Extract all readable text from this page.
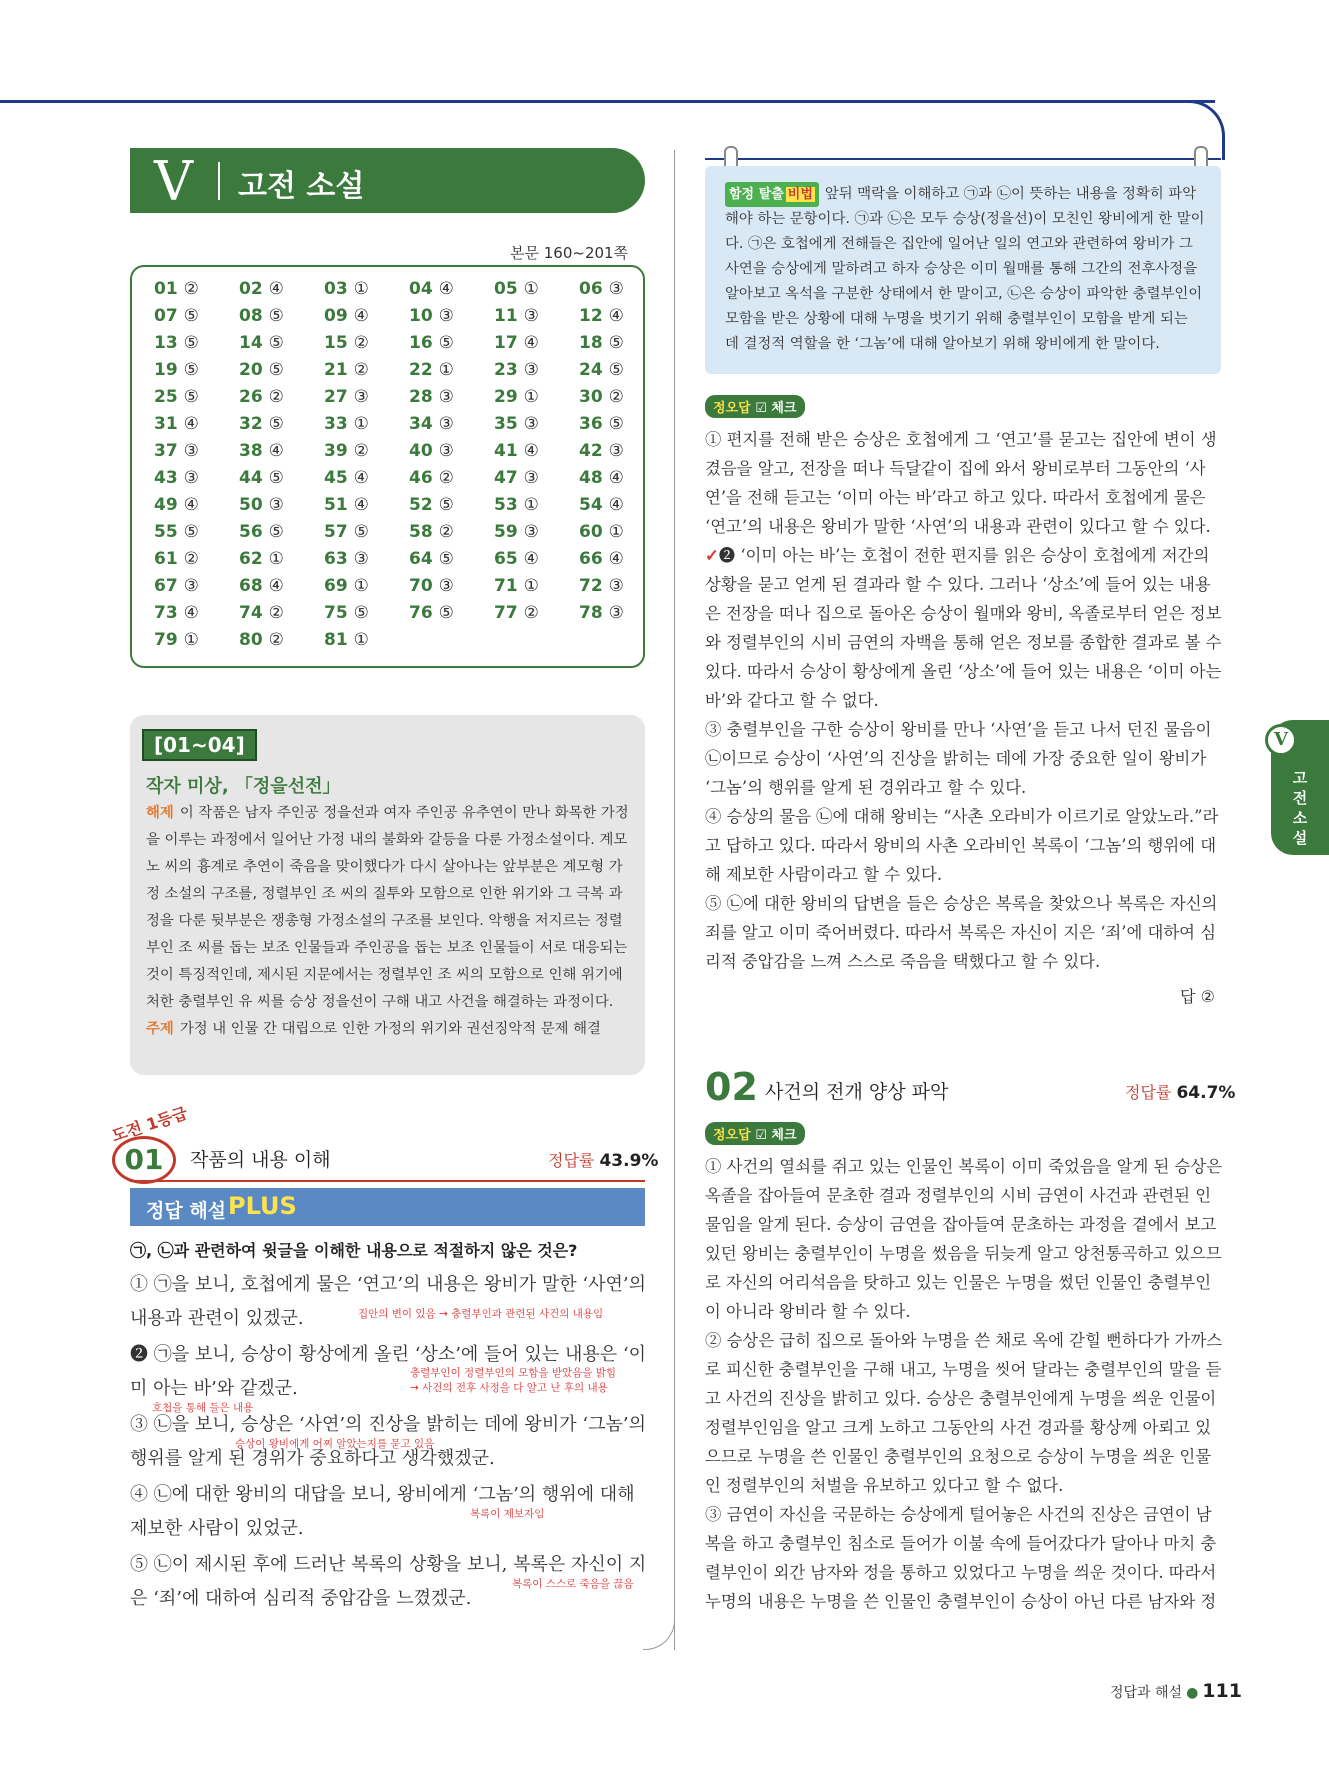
V 고전 소설
본문 160~201쪽
01 ②	02 ④	03 ①	04 ④	05 ①	06 ③
07 ⑤	08 ⑤	09 ④	10 ③	11 ③	12 ④
13 ⑤	14 ⑤	15 ②	16 ⑤	17 ④	18 ⑤
19 ⑤	20 ⑤	21 ②	22 ①	23 ③	24 ⑤
25 ⑤	26 ②	27 ③	28 ③	29 ①	30 ②
31 ④	32 ⑤	33 ①	34 ③	35 ③	36 ⑤
37 ③	38 ④	39 ②	40 ③	41 ④	42 ③
43 ③	44 ⑤	45 ④	46 ②	47 ③	48 ④
49 ④	50 ③	51 ④	52 ⑤	53 ①	54 ④
55 ⑤	56 ⑤	57 ⑤	58 ②	59 ③	60 ①
61 ②	62 ①	63 ③	64 ⑤	65 ④	66 ④
67 ③	68 ④	69 ①	70 ③	71 ①	72 ③
73 ④	74 ②	75 ⑤	76 ⑤	77 ②	78 ③
79 ①	80 ②	81 ①
[01~04]
작자 미상, 「정을선전」
해제 이 작품은 남자 주인공 정을선과 여자 주인공 유추연이 만나 화목한 가정을 이루는 과정에서 일어난 가정 내의 불화와 갈등을 다룬 가정소설이다. 계모 노 씨의 흉계로 추연이 죽음을 맞이했다가 다시 살아나는 앞부분은 계모형 가정 소설의 구조를, 정렬부인 조 씨의 질투와 모함으로 인한 위기와 그 극복 과정을 다룬 뒷부분은 쟁총형 가정소설의 구조를 보인다. 악행을 저지르는 정렬부인 조 씨를 돕는 보조 인물들과 주인공을 돕는 보조 인물들이 서로 대응되는 것이 특징적인데, 제시된 지문에서는 정렬부인 조 씨의 모함으로 인해 위기에 처한 충렬부인 유 씨를 승상 정을선이 구해 내고 사건을 해결하는 과정이다.
주제 가정 내 인물 간 대립으로 인한 가정의 위기와 권선징악적 문제 해결
도전 1등급
01	작품의 내용 이해	정답률 43.9%
정답 해설 PLUS
㉠, ㉡과 관련하여 윗글을 이해한 내용으로 적절하지 않은 것은?
① ㉠을 보니, 호첩에게 물은 ‘연고’의 내용은 왕비가 말한 ‘사연’의 내용과 관련이 있겠군.
❷ ㉠을 보니, 승상이 황상에게 올린 ‘상소’에 들어 있는 내용은 ‘이미 아는 바’와 같겠군.
③ ㉡을 보니, 승상은 ‘사연’의 진상을 밝히는 데에 왕비가 ‘그놈’의 행위를 알게 된 경위가 중요하다고 생각했겠군.
④ ㉡에 대한 왕비의 대답을 보니, 왕비에게 ‘그놈’의 행위에 대해 제보한 사람이 있었군.
⑤ ㉡이 제시된 후에 드러난 복록의 상황을 보니, 복록은 자신이 지은 ‘죄’에 대하여 심리적 중압감을 느꼈겠군.
집안의 변이 있음 → 충렬부인과 관련된 사건의 내용임
충렬부인이 정렬부인의 모함을 받았음을 밝힘
→ 사건의 전후 사정을 다 알고 난 후의 내용
호첩을 통해 들은 내용
승상이 왕비에게 어찌 알았는지를 묻고 있음
복록이 제보자임
복록이 스스로 죽음을 끊음
함정 탈출 비법 앞뒤 맥락을 이해하고 ㉠과 ㉡이 뜻하는 내용을 정확히 파악해야 하는 문항이다. ㉠과 ㉡은 모두 승상(정을선)이 모친인 왕비에게 한 말이다. ㉠은 호첩에게 전해들은 집안에 일어난 일의 연고와 관련하여 왕비가 그 사연을 승상에게 말하려고 하자 승상은 이미 월매를 통해 그간의 전후사정을 알아보고 옥석을 구분한 상태에서 한 말이고, ㉡은 승상이 파악한 충렬부인이 모함을 받은 상황에 대해 누명을 벗기기 위해 충렬부인이 모함을 받게 되는 데 결정적 역할을 한 ‘그놈’에 대해 알아보기 위해 왕비에게 한 말이다.
정오답 ☑ 체크

① 편지를 전해 받은 승상은 호첩에게 그 ‘연고’를 묻고는 집안에 변이 생겼음을 알고, 전장을 떠나 득달같이 집에 와서 왕비로부터 그동안의 ‘사연’을 전해 듣고는 ‘이미 아는 바’라고 하고 있다. 따라서 호첩에게 물은 ‘연고’의 내용은 왕비가 말한 ‘사연’의 내용과 관련이 있다고 할 수 있다.

✓❷ ‘이미 아는 바’는 호첩이 전한 편지를 읽은 승상이 호첩에게 저간의 상황을 묻고 얻게 된 결과라 할 수 있다. 그러나 ‘상소’에 들어 있는 내용은 전장을 떠나 집으로 돌아온 승상이 월매와 왕비, 옥졸로부터 얻은 정보와 정렬부인의 시비 금연의 자백을 통해 얻은 정보를 종합한 결과로 볼 수 있다. 따라서 승상이 황상에게 올린 ‘상소’에 들어 있는 내용은 ‘이미 아는 바’와 같다고 할 수 없다.

③ 충렬부인을 구한 승상이 왕비를 만나 ‘사연’을 듣고 나서 던진 물음이 ㉡이므로 승상이 ‘사연’의 진상을 밝히는 데에 가장 중요한 일이 왕비가 ‘그놈’의 행위를 알게 된 경위라고 할 수 있다.

④ 승상의 물음 ㉡에 대해 왕비는 “사촌 오라비가 이르기로 알았노라.”라고 답하고 있다. 따라서 왕비의 사촌 오라비인 복록이 ‘그놈’의 행위에 대해 제보한 사람이라고 할 수 있다.

⑤ ㉡에 대한 왕비의 답변을 들은 승상은 복록을 찾았으나 복록은 자신의 죄를 알고 이미 죽어버렸다. 따라서 복록은 자신이 지은 ‘죄’에 대하여 심리적 중압감을 느껴 스스로 죽음을 택했다고 할 수 있다.

답 ②
02 사건의 전개 양상 파악	정답률 64.7%
정오답 ☑ 체크

① 사건의 열쇠를 쥐고 있는 인물인 복록이 이미 죽었음을 알게 된 승상은 옥졸을 잡아들여 문초한 결과 정렬부인의 시비 금연이 사건과 관련된 인물임을 알게 된다. 승상이 금연을 잡아들여 문초하는 과정을 곁에서 보고 있던 왕비는 충렬부인이 누명을 썼음을 뒤늦게 알고 앙천통곡하고 있으므로 자신의 어리석음을 탓하고 있는 인물은 누명을 썼던 인물인 충렬부인이 아니라 왕비라 할 수 있다.

② 승상은 급히 집으로 돌아와 누명을 쓴 채로 옥에 갇힐 뻔하다가 가까스로 피신한 충렬부인을 구해 내고, 누명을 씻어 달라는 충렬부인의 말을 듣고 사건의 진상을 밝히고 있다. 승상은 충렬부인에게 누명을 씌운 인물이 정렬부인임을 알고 크게 노하고 그동안의 사건 경과를 황상께 아뢰고 있으므로 누명을 쓴 인물인 충렬부인의 요청으로 승상이 누명을 씌운 인물인 정렬부인의 처벌을 유보하고 있다고 할 수 없다.

③ 금연이 자신을 국문하는 승상에게 털어놓은 사건의 진상은 금연이 남복을 하고 충렬부인 침소로 들어가 이불 속에 들어갔다가 달아나 마치 충렬부인이 외간 남자와 정을 통하고 있었다고 누명을 씌운 것이다. 따라서 누명의 내용은 누명을 쓴 인물인 충렬부인이 승상이 아닌 다른 남자와 정

고전 소설
V
정답과 해설 ● 111
